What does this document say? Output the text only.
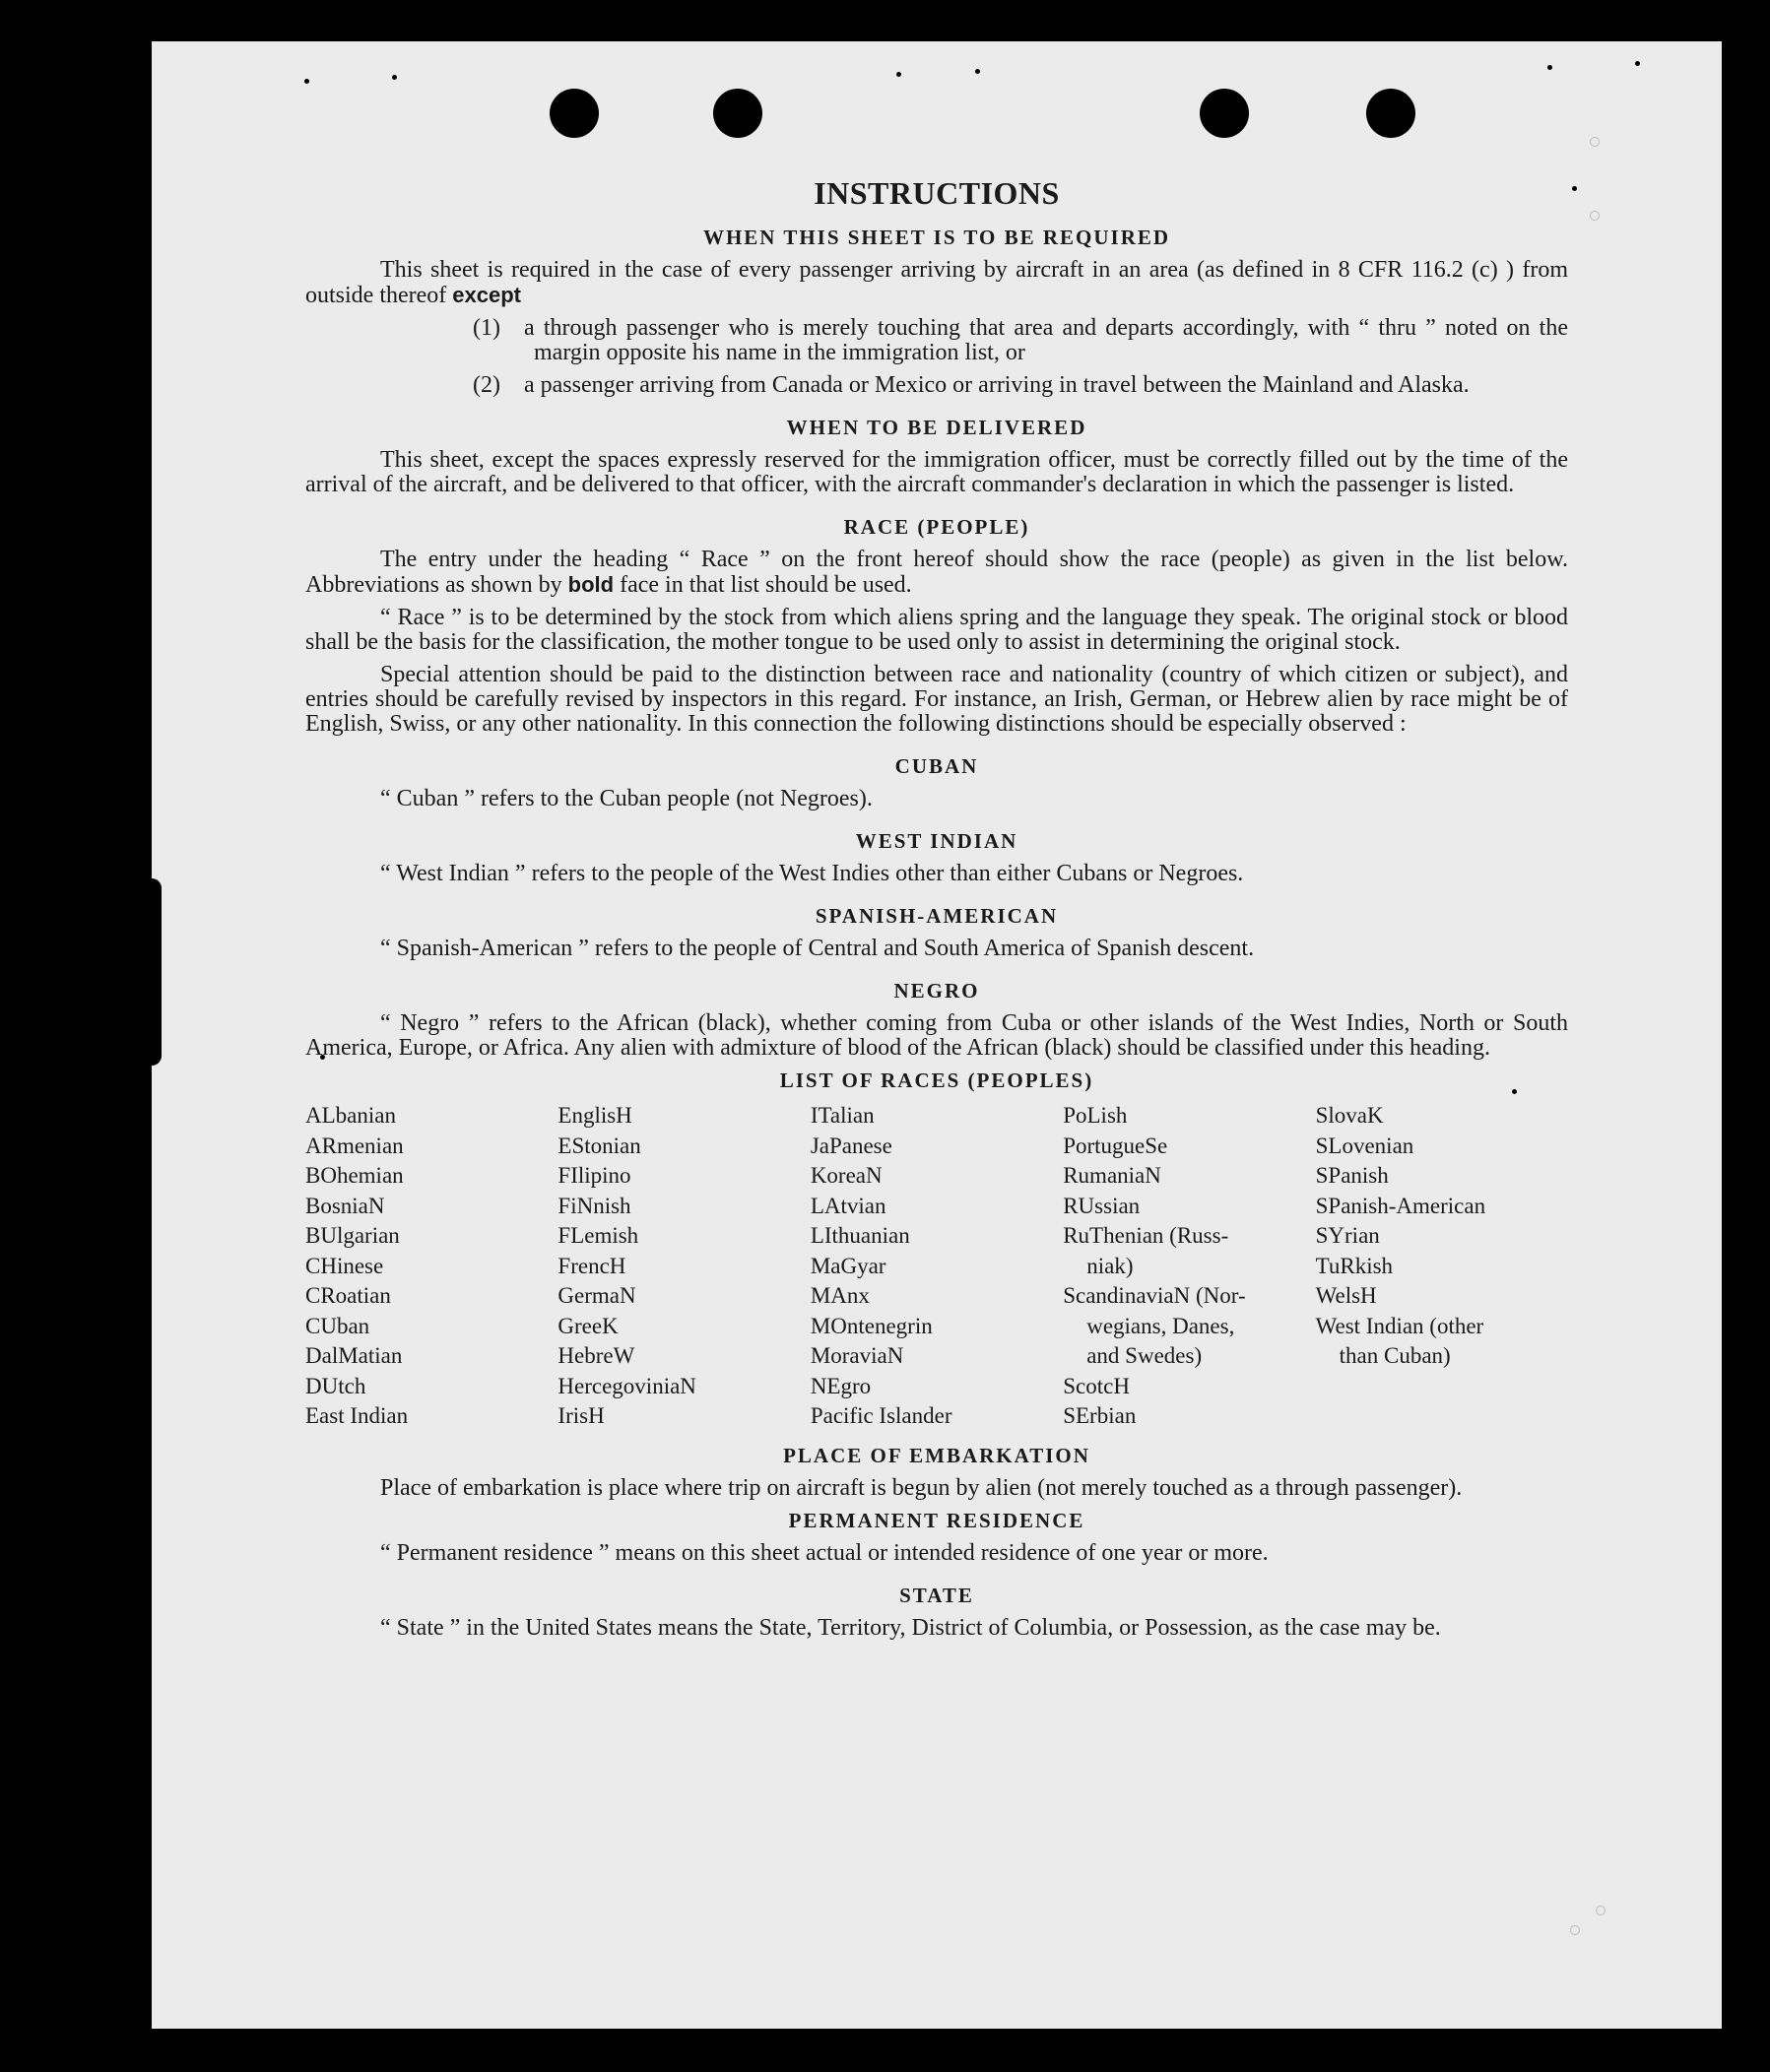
INSTRUCTIONS
WHEN THIS SHEET IS TO BE REQUIRED

This sheet is required in the case of every passenger arriving by aircraft in an area (as defined in 8 CFR 116.2 (c) ) from outside thereof except

(1) a through passenger who is merely touching that area and departs accordingly, with “ thru ” noted on the margin opposite his name in the immigration list, or

(2) a passenger arriving from Canada or Mexico or arriving in travel between the Mainland and Alaska.

WHEN TO BE DELIVERED

This sheet, except the spaces expressly reserved for the immigration officer, must be correctly filled out by the time of the arrival of the aircraft, and be delivered to that officer, with the aircraft commander's declaration in which the passenger is listed.

RACE (PEOPLE)

The entry under the heading “ Race ” on the front hereof should show the race (people) as given in the list below. Abbreviations as shown by bold face in that list should be used.

“ Race ” is to be determined by the stock from which aliens spring and the language they speak. The original stock or blood shall be the basis for the classification, the mother tongue to be used only to assist in determining the original stock.

Special attention should be paid to the distinction between race and nationality (country of which citizen or subject), and entries should be carefully revised by inspectors in this regard. For instance, an Irish, German, or Hebrew alien by race might be of English, Swiss, or any other nationality. In this connection the following distinctions should be especially observed :

CUBAN

“ Cuban ” refers to the Cuban people (not Negroes).

WEST INDIAN

“ West Indian ” refers to the people of the West Indies other than either Cubans or Negroes.

SPANISH-AMERICAN

“ Spanish-American ” refers to the people of Central and South America of Spanish descent.

NEGRO

“ Negro ” refers to the African (black), whether coming from Cuba or other islands of the West Indies, North or South America, Europe, or Africa. Any alien with admixture of blood of the African (black) should be classified under this heading.

LIST OF RACES (PEOPLES)
ALbanian
ARmenian
BOhemian
BosniaN
BUlgarian
CHinese
CRoatian
CUban
DalMatian
DUtch
East Indian
EnglisH
EStonian
FIlipino
FiNnish
FLemish
FrencH
GermaN
GreeK
HebreW
HercegoviniaN
IrisH
ITalian
JaPanese
KoreaN
LAtvian
LIthuanian
MaGyar
MAnx
MOntenegrin
MoraviaN
NEgro
Pacific Islander
PoLish
PortugueSe
RumaniaN
RUssian
RuThenian (Russ-
niak)
ScandinaviaN (Nor-
wegians, Danes,
and Swedes)
ScotcH
SErbian
SlovaK
SLovenian
SPanish
SPanish-American
SYrian
TuRkish
WelsH
West Indian (other
than Cuban)
PLACE OF EMBARKATION

Place of embarkation is place where trip on aircraft is begun by alien (not merely touched as a through passenger).

PERMANENT RESIDENCE

“ Permanent residence ” means on this sheet actual or intended residence of one year or more.

STATE

“ State ” in the United States means the State, Territory, District of Columbia, or Possession, as the case may be.
